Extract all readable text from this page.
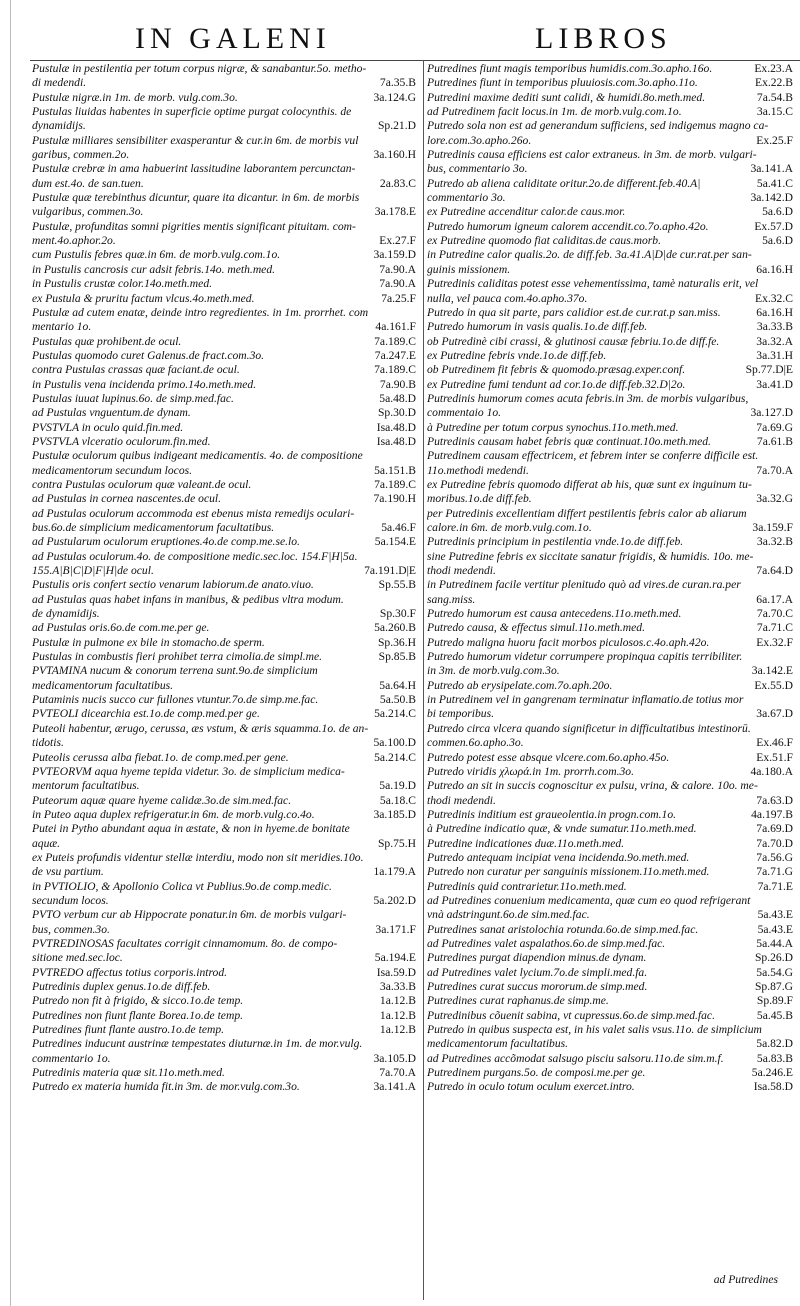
IN GALENI	LIBROS
Pustulæ in pestilentia per totum corpus nigræ, & sanabantur.5o. metho-
di medendi.	7a.35.B
Pustulæ nigræ.in 1m. de morb. vulg.com.3o.	3a.124.G
Pustulas liuidas habentes in superficie optime purgat colocynthis. de
dynamidijs.	Sp.21.D
Pustulæ milliares sensibiliter exasperantur & cur.in 6m. de morbis vul
garibus, commen.2o.	3a.160.H
Pustulæ crebræ in ama habuerint lassitudine laborantem percunctan-
dum est.4o. de san.tuen.	2a.83.C
Pustulæ quæ terebinthus dicuntur, quare ita dicantur. in 6m. de morbis
vulgaribus, commen.3o.	3a.178.E
Pustulæ, profunditas somni pigrities mentis significant pituitam. com-
ment.4o.aphor.2o.	Ex.27.F
cum Pustulis febres quæ.in 6m. de morb.vulg.com.1o.	3a.159.D
in Pustulis cancrosis cur adsit febris.14o. meth.med.	7a.90.A
in Pustulis crustæ color.14o.meth.med.	7a.90.A
ex Pustula & pruritu factum vlcus.4o.meth.med.	7a.25.F
Pustulæ ad cutem enatæ, deinde intro regredientes. in 1m. prorrhet. com
mentario 1o.	4a.161.F
Pustulas quæ prohibent.de ocul.	7a.189.C
Pustulas quomodo curet Galenus.de fract.com.3o.	7a.247.E
contra Pustulas crassas quæ faciant.de ocul.	7a.189.C
in Pustulis vena incidenda primo.14o.meth.med.	7a.90.B
Pustulas iuuat lupinus.6o. de simp.med.fac.	5a.48.D
ad Pustulas vnguentum.de dynam.	Sp.30.D
PVSTVLA in oculo quid.fin.med.	Isa.48.D
PVSTVLA vlceratio oculorum.fin.med.	Isa.48.D
Pustulæ oculorum quibus indigeant medicamentis. 4o. de compositione
medicamentorum secundum locos.	5a.151.B
contra Pustulas oculorum quæ valeant.de ocul.	7a.189.C
ad Pustulas in cornea nascentes.de ocul.	7a.190.H
ad Pustulas oculorum accommoda est ebenus mista remedijs oculari-
bus.6o.de simplicium medicamentorum facultatibus.	5a.46.F
ad Pustularum oculorum eruptiones.4o.de comp.me.se.lo.	5a.154.E
ad Pustulas oculorum.4o. de compositione medic.sec.loc. 154.F|H|5a.
155.A|B|C|D|F|H|de ocul.	7a.191.D|E
Pustulis oris confert sectio venarum labiorum.de anato.viuo.	Sp.55.B
ad Pustulas quas habet infans in manibus, & pedibus vltra modum.
de dynamidijs.	Sp.30.F
ad Pustulas oris.6o.de com.me.per ge.	5a.260.B
Pustulæ in pulmone ex bile in stomacho.de sperm.	Sp.36.H
Pustulas in combustis fieri prohibet terra cimolia.de simpl.me.	Sp.85.B
PVTAMINA nucum & conorum terrena sunt.9o.de simplicium
medicamentorum facultatibus.	5a.64.H
Putaminis nucis succo cur fullones vtuntur.7o.de simp.me.fac.	5a.50.B
PVTEOLI dicearchia est.1o.de comp.med.per ge.	5a.214.C
Puteoli habentur, ærugo, cerussa, æs vstum, & æris squamma.1o. de an-
tidotis.	5a.100.D
Puteolis cerussa alba fiebat.1o. de comp.med.per gene.	5a.214.C
PVTEORVM aqua hyeme tepida videtur. 3o. de simplicium medica-
mentorum facultatibus.	5a.19.D
Puteorum aquæ quare hyeme calidæ.3o.de sim.med.fac.	5a.18.C
in Puteo aqua duplex refrigeratur.in 6m. de morb.vulg.co.4o.	3a.185.D
Putei in Pytho abundant aqua in æstate, & non in hyeme.de bonitate
aquæ.	Sp.75.H
ex Puteis profundis videntur stellæ interdiu, modo non sit meridies.10o.
de vsu partium.	1a.179.A
in PVTIOLIO, & Apollonio Colica vt Publius.9o.de comp.medic.
secundum locos.	5a.202.D
PVTO verbum cur ab Hippocrate ponatur.in 6m. de morbis vulgari-
bus, commen.3o.	3a.171.F
PVTREDINOSAS facultates corrigit cinnamomum. 8o. de compo-
sitione med.sec.loc.	5a.194.E
PVTREDO affectus totius corporis.introd.	Isa.59.D
Putredinis duplex genus.1o.de diff.feb.	3a.33.B
Putredo non fit à frigido, & sicco.1o.de temp.	1a.12.B
Putredines non fiunt flante Borea.1o.de temp.	1a.12.B
Putredines fiunt flante austro.1o.de temp.	1a.12.B
Putredines inducunt austrinæ tempestates diuturnæ.in 1m. de mor.vulg.
commentario 1o.	3a.105.D
Putredinis materia quæ sit.11o.meth.med.	7a.70.A
Putredo ex materia humida fit.in 3m. de mor.vulg.com.3o.	3a.141.A
Putredines fiunt magis temporibus humidis.com.3o.apho.16o.	Ex.23.A
Putredines fiunt in temporibus pluuiosis.com.3o.apho.11o.	Ex.22.B
Putredini maxime dediti sunt calidi, & humidi.8o.meth.med.	7a.54.B
ad Putredinem facit locus.in 1m. de morb.vulg.com.1o.	3a.15.C
Putredo sola non est ad generandum sufficiens, sed indigemus magno ca-
lore.com.3o.apho.26o.	Ex.25.F
Putredinis causa efficiens est calor extraneus. in 3m. de morb. vulgari-
bus, commentario 3o.	3a.141.A
Putredo ab aliena caliditate oritur.2o.de different.feb.40.A|	5a.41.C
commentario 3o.	3a.142.D
ex Putredine accenditur calor.de caus.mor.	5a.6.D
Putredo humorum igneum calorem accendit.co.7o.apho.42o.	Ex.57.D
ex Putredine quomodo fiat caliditas.de caus.morb.	5a.6.D
in Putredine calor qualis.2o. de diff.feb. 3a.41.A|D|de cur.rat.per san-
guinis missionem.	6a.16.H
Putredinis caliditas potest esse vehementissima, tamè naturalis erit, vel
nulla, vel pauca com.4o.apho.37o.	Ex.32.C
Putredo in qua sit parte, pars calidior est.de cur.rat.p san.miss.	6a.16.H
Putredo humorum in vasis qualis.1o.de diff.feb.	3a.33.B
ob Putredinè cibi crassi, & glutinosi causæ febriu.1o.de diff.fe.	3a.32.A
ex Putredine febris vnde.1o.de diff.feb.	3a.31.H
ob Putredinem fit febris & quomodo.præsag.exper.conf.	Sp.77.D|E
ex Putredine fumi tendunt ad cor.1o.de diff.feb.32.D|2o.	3a.41.D
Putredinis humorum comes acuta febris.in 3m. de morbis vulgaribus,
commentaio 1o.	3a.127.D
à Putredine per totum corpus synochus.11o.meth.med.	7a.69.G
Putredinis causam habet febris quæ continuat.10o.meth.med.	7a.61.B
Putredinem causam effectricem, et febrem inter se conferre difficile est.
11o.methodi medendi.	7a.70.A
ex Putredine febris quomodo differat ab his, quæ sunt ex inguinum tu-
moribus.1o.de diff.feb.	3a.32.G
per Putredinis excellentiam differt pestilentis febris calor ab aliarum
calore.in 6m. de morb.vulg.com.1o.	3a.159.F
Putredinis principium in pestilentia vnde.1o.de diff.feb.	3a.32.B
sine Putredine febris ex siccitate sanatur frigidis, & humidis. 10o. me-
thodi medendi.	7a.64.D
in Putredinem facile vertitur plenitudo quò ad vires.de curan.ra.per
sang.miss.	6a.17.A
Putredo humorum est causa antecedens.11o.meth.med.	7a.70.C
Putredo causa, & effectus simul.11o.meth.med.	7a.71.C
Putredo maligna huoru facit morbos piculosos.c.4o.aph.42o.	Ex.32.F
Putredo humorum videtur corrumpere propinqua capitis terribiliter.
in 3m. de morb.vulg.com.3o.	3a.142.E
Putredo ab erysipelate.com.7o.aph.20o.	Ex.55.D
in Putredinem vel in gangrenam terminatur inflamatio.de totius mor
bi temporibus.	3a.67.D
Putredo circa vlcera quando significetur in difficultatibus intestinorū.
commen.6o.apho.3o.	Ex.46.F
Putredo potest esse absque vlcere.com.6o.apho.45o.	Ex.51.F
Putredo viridis χλωρά.in 1m. prorrh.com.3o.	4a.180.A
Putredo an sit in succis cognoscitur ex pulsu, vrina, & calore. 10o. me-
thodi medendi.	7a.63.D
Putredinis inditium est graueolentia.in progn.com.1o.	4a.197.B
à Putredine indicatio quæ, & vnde sumatur.11o.meth.med.	7a.69.D
Putredine indicationes duæ.11o.meth.med.	7a.70.D
Putredo antequam incipiat vena incidenda.9o.meth.med.	7a.56.G
Putredo non curatur per sanguinis missionem.11o.meth.med.	7a.71.G
Putredinis quid contrarietur.11o.meth.med.	7a.71.E
ad Putredines conuenium medicamenta, quæ cum eo quod refrigerant
vnà adstringunt.6o.de sim.med.fac.	5a.43.E
Putredines sanat aristolochia rotunda.6o.de simp.med.fac.	5a.43.E
ad Putredines valet aspalathos.6o.de simp.med.fac.	5a.44.A
Putredines purgat diapendion minus.de dynam.	Sp.26.D
ad Putredines valet lycium.7o.de simpli.med.fa.	5a.54.G
Putredines curat succus mororum.de simp.med.	Sp.87.G
Putredines curat raphanus.de simp.me.	Sp.89.F
Putredinibus cõuenit sabina, vt cupressus.6o.de simp.med.fac.	5a.45.B
Putredo in quibus suspecta est, in his valet salis vsus.11o. de simplicium
medicamentorum facultatibus.	5a.82.D
ad Putredines accõmodat salsugo pisciu salsoru.11o.de sim.m.f.	5a.83.B
Putredinem purgans.5o. de composi.me.per ge.	5a.246.E
Putredo in oculo totum oculum exercet.intro.	Isa.58.D
ad Putredines
